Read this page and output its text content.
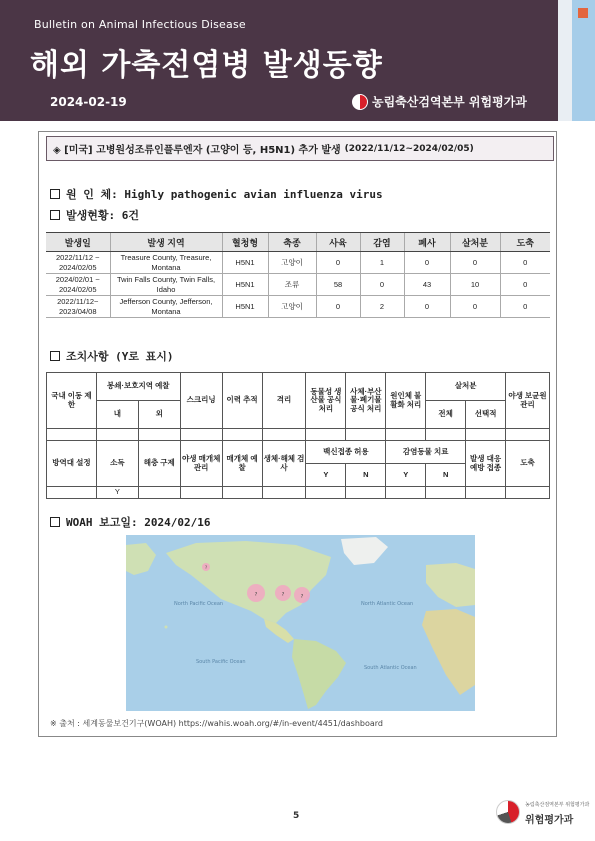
Bulletin on Animal Infectious Disease
해외 가축전염병 발생동향
2024-02-19	농림축산검역본부 위험평가과
◈ [미국] 고병원성조류인플루엔자 (고양이 등, H5N1) 추가 발생 (2022/11/12~2024/02/05)
원 인 체: Highly pathogenic avian influenza virus
발생현황: 6건
발생일	발생 지역	혈청형	축종	사육	감염	폐사	살처분	도축
2022/11/12 ~ 2024/02/05	Treasure County, Treasure, Montana	H5N1	고양이	0	1	0	0	0
2024/02/01 ~ 2024/02/05	Twin Falls County, Twin Falls, Idaho	H5N1	조류	58	0	43	10	0
2022/11/12~ 2023/04/08	Jefferson County, Jefferson, Montana	H5N1	고양이	0	2	0	0	0
조치사항 (Y로 표시)
국내 이동 제한	봉쇄·보호지역 예찰		스크리닝	이력 추적	격리	동물성 생산물 공식 처리	사체·부산물·폐기물 공식 처리	원인체 불활화 처리	살처분		야생 보균원 관리
	내	외							전체	선택적	

방역대 설정	소독	해충 구제	야생 매개체 관리	매개체 예찰	생체·해체 검사	백신접종 허용		감염동물 치료		발생 대응 예방 접종	도축
						Y	N	Y	N		
	Y										
WOAH 보고일: 2024/02/16
?	?	?
?
North Pacific Ocean	North Atlantic Ocean
South Pacific Ocean
South Atlantic Ocean
※ 출처 : 세계동물보건기구(WOAH) https://wahis.woah.org/#/in-event/4451/dashboard
5
농림축산검역본부 위험평가과
위험평가과
